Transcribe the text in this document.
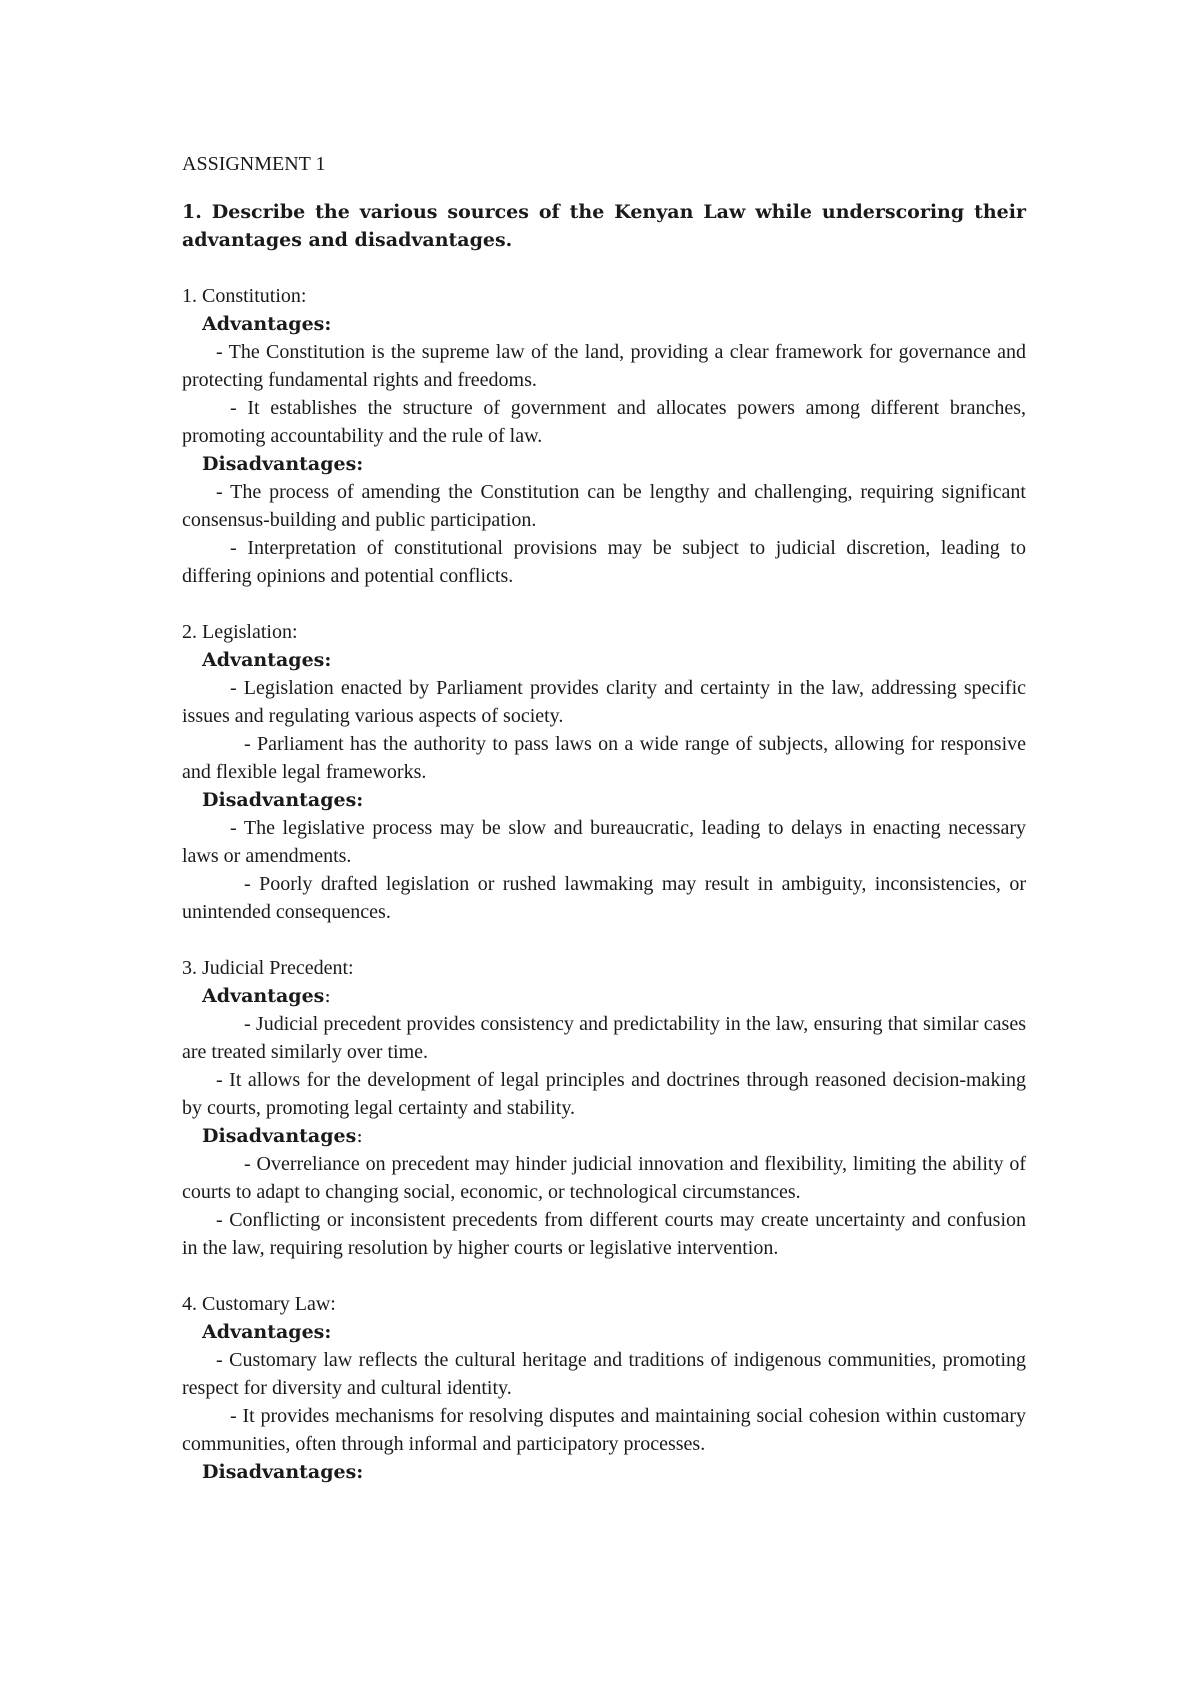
ASSIGNMENT 1

1. Describe the various sources of the Kenyan Law while underscoring their advantages and disadvantages.

1. Constitution:

Advantages:

- The Constitution is the supreme law of the land, providing a clear framework for governance and protecting fundamental rights and freedoms.

- It establishes the structure of government and allocates powers among different branches, promoting accountability and the rule of law.

Disadvantages:

- The process of amending the Constitution can be lengthy and challenging, requiring significant consensus-building and public participation.

- Interpretation of constitutional provisions may be subject to judicial discretion, leading to differing opinions and potential conflicts.

2. Legislation:

Advantages:

- Legislation enacted by Parliament provides clarity and certainty in the law, addressing specific issues and regulating various aspects of society.

- Parliament has the authority to pass laws on a wide range of subjects, allowing for responsive and flexible legal frameworks.

Disadvantages:

- The legislative process may be slow and bureaucratic, leading to delays in enacting necessary laws or amendments.

- Poorly drafted legislation or rushed lawmaking may result in ambiguity, inconsistencies, or unintended consequences.

3. Judicial Precedent:

Advantages:

- Judicial precedent provides consistency and predictability in the law, ensuring that similar cases are treated similarly over time.

- It allows for the development of legal principles and doctrines through reasoned decision-making by courts, promoting legal certainty and stability.

Disadvantages:

- Overreliance on precedent may hinder judicial innovation and flexibility, limiting the ability of courts to adapt to changing social, economic, or technological circumstances.

- Conflicting or inconsistent precedents from different courts may create uncertainty and confusion in the law, requiring resolution by higher courts or legislative intervention.

4. Customary Law:

Advantages:

- Customary law reflects the cultural heritage and traditions of indigenous communities, promoting respect for diversity and cultural identity.

- It provides mechanisms for resolving disputes and maintaining social cohesion within customary communities, often through informal and participatory processes.

Disadvantages:
